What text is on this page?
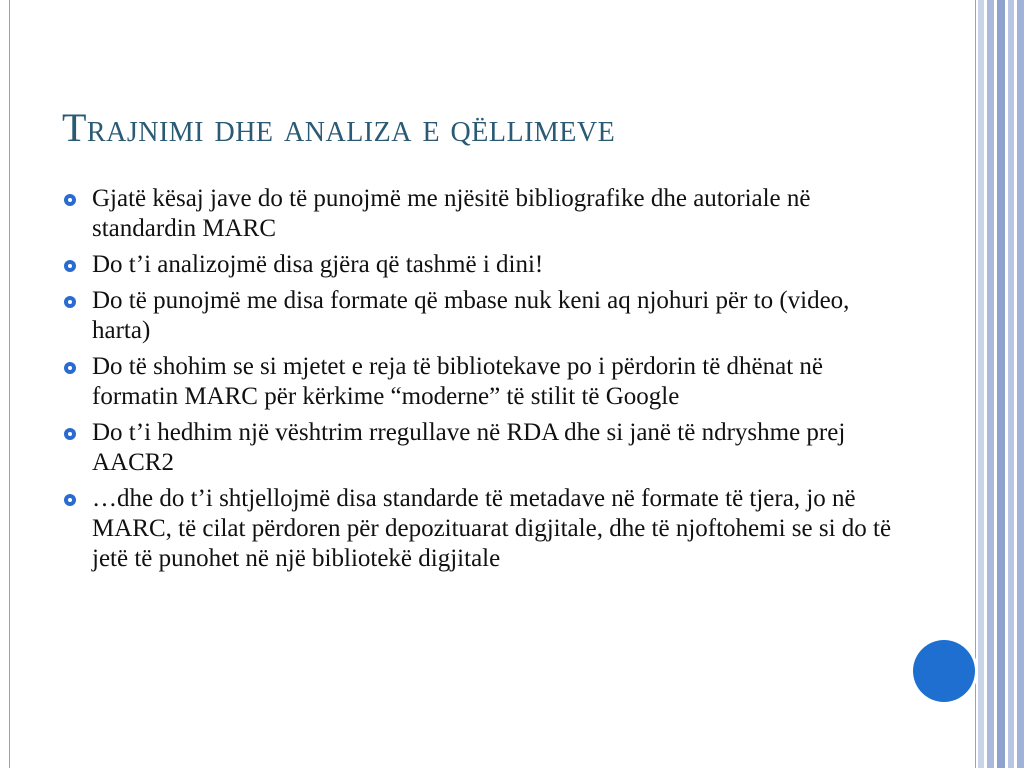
Trajnimi dhe analiza e qëllimeve
Gjatë kësaj jave do të punojmë me njësitë bibliografike dhe autoriale në standardin MARC
Do t’i analizojmë disa gjëra që tashmë i dini!
Do të punojmë me disa formate që mbase nuk keni aq njohuri për to (video, harta)
Do të shohim se si mjetet e reja të bibliotekave po i përdorin të dhënat në formatin MARC për kërkime “moderne” të stilit të Google
Do t’i hedhim një vështrim rregullave në RDA dhe si janë të ndryshme prej AACR2
…dhe do t’i shtjellojmë disa standarde të metadave në formate të tjera, jo në MARC, të cilat përdoren për depozituarat digjitale, dhe të njoftohemi se si do të jetë të punohet në një bibliotekë digjitale
